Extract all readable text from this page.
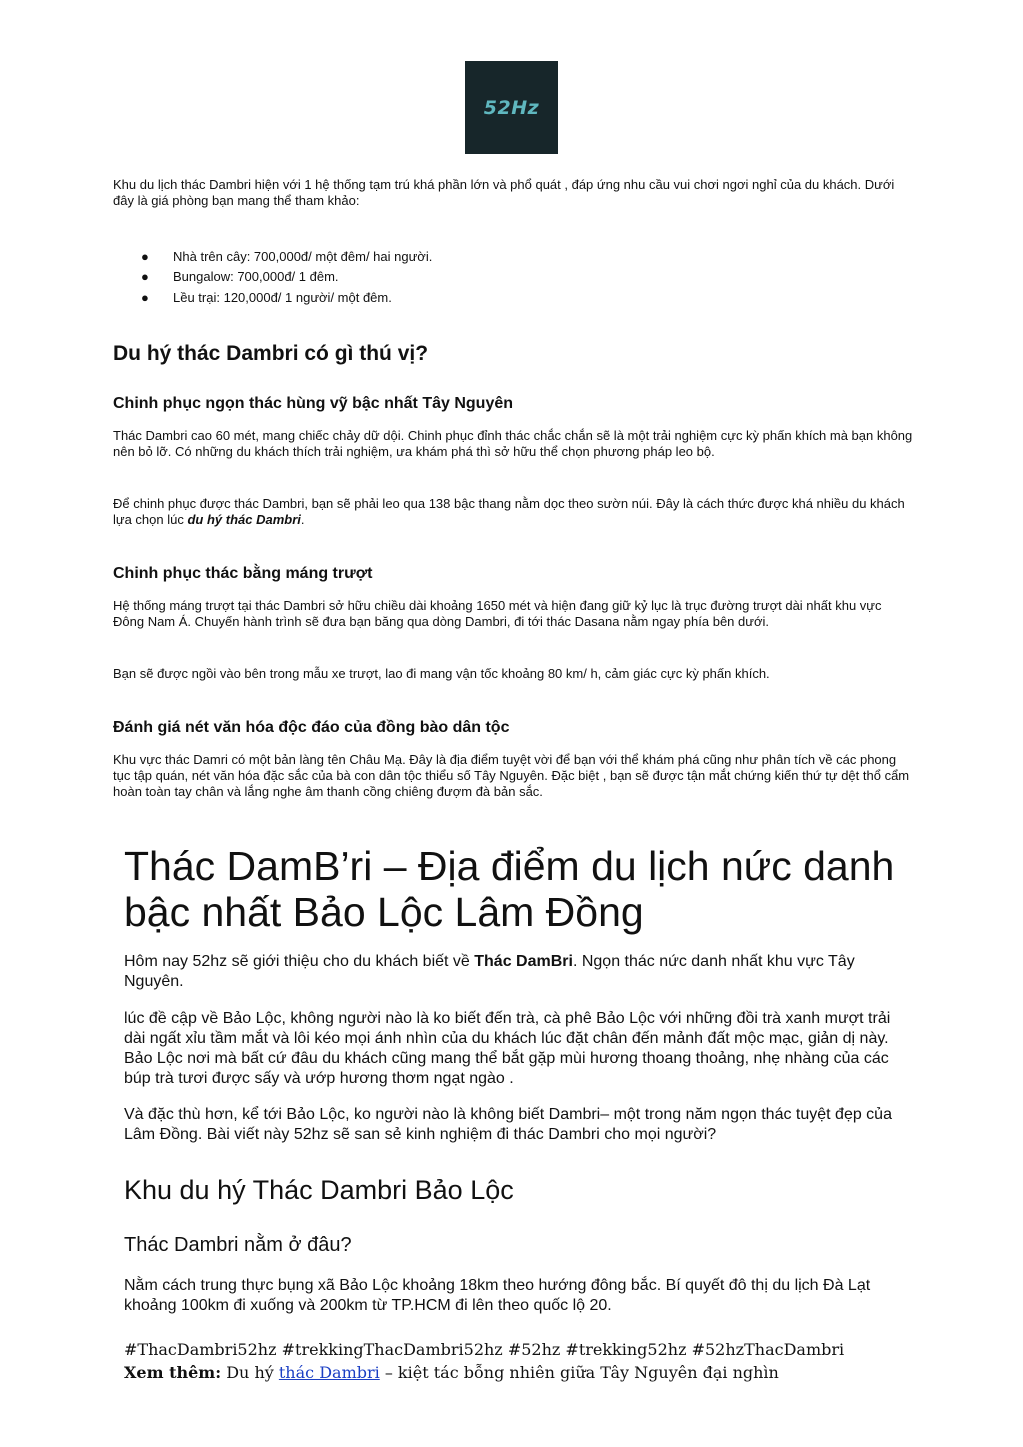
52Hz
Khu du lịch thác Dambri hiện với 1 hệ thống tạm trú khá phần lớn và phổ quát , đáp ứng nhu cầu vui chơi ngơi nghỉ của du khách. Dưới đây là giá phòng bạn mang thể tham khảo:
● Nhà trên cây: 700,000đ/ một đêm/ hai người.
● Bungalow: 700,000đ/ 1 đêm.
● Lều trại: 120,000đ/ 1 người/ một đêm.
Du hý thác Dambri có gì thú vị?
Chinh phục ngọn thác hùng vỹ bậc nhất Tây Nguyên
Thác Dambri cao 60 mét, mang chiếc chảy dữ dội. Chinh phục đỉnh thác chắc chắn sẽ là một trải nghiệm cực kỳ phấn khích mà bạn không nên bỏ lỡ. Có những du khách thích trải nghiệm, ưa khám phá thì sở hữu thể chọn phương pháp leo bộ.
Để chinh phục được thác Dambri, bạn sẽ phải leo qua 138 bậc thang nằm dọc theo sườn núi. Đây là cách thức được khá nhiều du khách lựa chọn lúc du hý thác Dambri.
Chinh phục thác bằng máng trượt
Hệ thống máng trượt tại thác Dambri sở hữu chiều dài khoảng 1650 mét và hiện đang giữ kỷ lục là trục đường trượt dài nhất khu vực Đông Nam Á. Chuyến hành trình sẽ đưa bạn băng qua dòng Dambri, đi tới thác Dasana nằm ngay phía bên dưới.
Bạn sẽ được ngồi vào bên trong mẫu xe trượt, lao đi mang vận tốc khoảng 80 km/ h, cảm giác cực kỳ phấn khích.
Đánh giá nét văn hóa độc đáo của đồng bào dân tộc
Khu vực thác Damri có một bản làng tên Châu Mạ. Đây là địa điểm tuyệt vời để bạn với thể khám phá cũng như phân tích về các phong tục tập quán, nét văn hóa đặc sắc của bà con dân tộc thiểu số Tây Nguyên. Đặc biệt , bạn sẽ được tận mắt chứng kiến thứ tự dệt thổ cẩm hoàn toàn tay chân và lắng nghe âm thanh cồng chiêng đượm đà bản sắc.
Thác DamB’ri – Địa điểm du lịch nức danh bậc nhất Bảo Lộc Lâm Đồng
Hôm nay 52hz sẽ giới thiệu cho du khách biết về Thác DamBri. Ngọn thác nức danh nhất khu vực Tây Nguyên.
lúc đề cập về Bảo Lộc, không người nào là ko biết đến trà, cà phê Bảo Lộc với những đồi trà xanh mượt trải dài ngất xỉu tầm mắt và lôi kéo mọi ánh nhìn của du khách lúc đặt chân đến mảnh đất mộc mạc, giản dị này. Bảo Lộc nơi mà bất cứ đâu du khách cũng mang thể bắt gặp mùi hương thoang thoảng, nhẹ nhàng của các búp trà tươi được sấy và ướp hương thơm ngạt ngào .
Và đặc thù hơn, kể tới Bảo Lộc, ko người nào là không biết Dambri– một trong năm ngọn thác tuyệt đẹp của Lâm Đồng. Bài viết này 52hz sẽ san sẻ kinh nghiệm đi thác Dambri cho mọi người?
Khu du hý Thác Dambri Bảo Lộc
Thác Dambri nằm ở đâu?
Nằm cách trung thực bụng xã Bảo Lộc khoảng 18km theo hướng đông bắc. Bí quyết đô thị du lịch Đà Lạt khoảng 100km đi xuống và 200km từ TP.HCM đi lên theo quốc lộ 20.
#ThacDambri52hz #trekkingThacDambri52hz #52hz #trekking52hz #52hzThacDambri
Xem thêm: Du hý thác Dambri – kiệt tác bỗng nhiên giữa Tây Nguyên đại nghìn
